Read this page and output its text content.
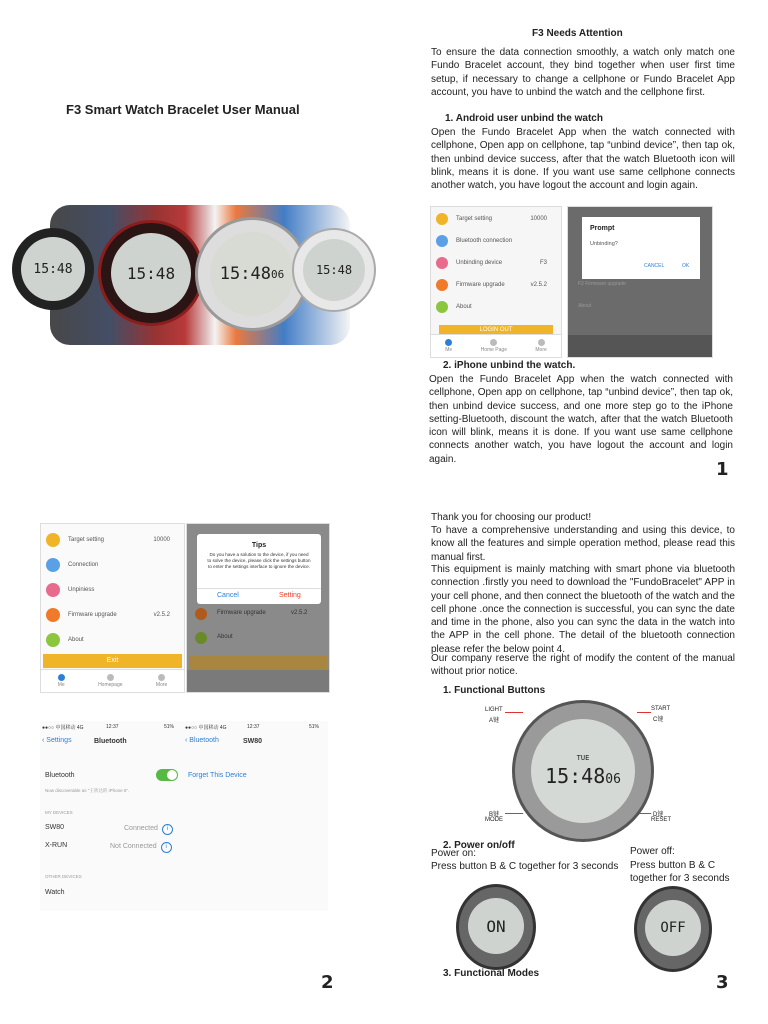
F3 Smart Watch Bracelet User Manual
15:48	15:48	15:48 06	15:48
F3 Needs Attention
To ensure the data connection smoothly, a watch only match one Fundo Bracelet account, they bind together when user first time setup, if necessary to change a cellphone or Fundo Bracelet App account, you have to unbind the watch and the cellphone first.
1. Android user unbind the watch
Open the Fundo Bracelet App when the watch connected with cellphone, Open app on cellphone, tap “unbind device”, then tap ok, then unbind device success, after that the watch Bluetooth icon will blink, means it is done. If you want use same cellphone connects another watch, you have logout the account and login again.
Target setting	10000
Bluetooth connection
Unbinding device	F3
Firmware upgrade	v2.5.2
About
LOGIN OUT
Me	Home Page	More
Prompt
Unbinding?
CANCEL	OK
F2 Firmware upgrade
About
2. iPhone unbind the watch.
Open the Fundo Bracelet App when the watch connected with cellphone, Open app on cellphone, tap “unbind device”, then tap ok, then unbind device success, and one more step go to the iPhone setting-Bluetooth, discount the watch, after that the watch Bluetooth icon will blink, means it is done. If you want use same cellphone connects another watch, you have logout the account and login again.	1
Target setting	10000
Connection
Unpiniess
Firmware upgrade	v2.5.2
About
Exit
Me	Homepage	More
Tips
Do you have a solution to the device, if you need to solve the device, please click the settings button to enter the settings interface to ignore the device.
Cancel	Setting
Firmware upgrade	v2.5.2
About
●●○○ 中国移动 4G	12:37	51%
‹ Settings	Bluetooth
Bluetooth
Now discoverable as "王欣达的 iPhone 6".
MY DEVICES
SW80	Connected i
X-RUN	Not Connected i
OTHER DEVICES
Watch
●●○○ 中国移动 4G	12:37	51%
‹ Bluetooth	SW80
Forget This Device
2
Thank you for choosing our product!
To have a comprehensive understanding and using this device, to know all the features and simple operation method, please read this manual first.
This equipment is mainly matching with smart phone via bluetooth connection .firstly you need to download the "FundoBracelet" APP in your cell phone, and then connect the bluetooth of the watch and the cell phone .once the connection is successful, you can sync the date and time in the phone, also you can sync the data in the watch into the APP in the cell phone. The detail of the bluetooth connection please refer the below point 4.
Our company reserve the right of modify the content of the manual without prior notice.
1. Functional Buttons
LIGHT
A键
START
C键
B键
MODE
D键
RESET
TUE
15:4806
2. Power on/off
Power on:
Press button B & C together for 3 seconds
Power off:
Press button B & C together for 3 seconds
ON	OFF
3. Functional Modes	3
